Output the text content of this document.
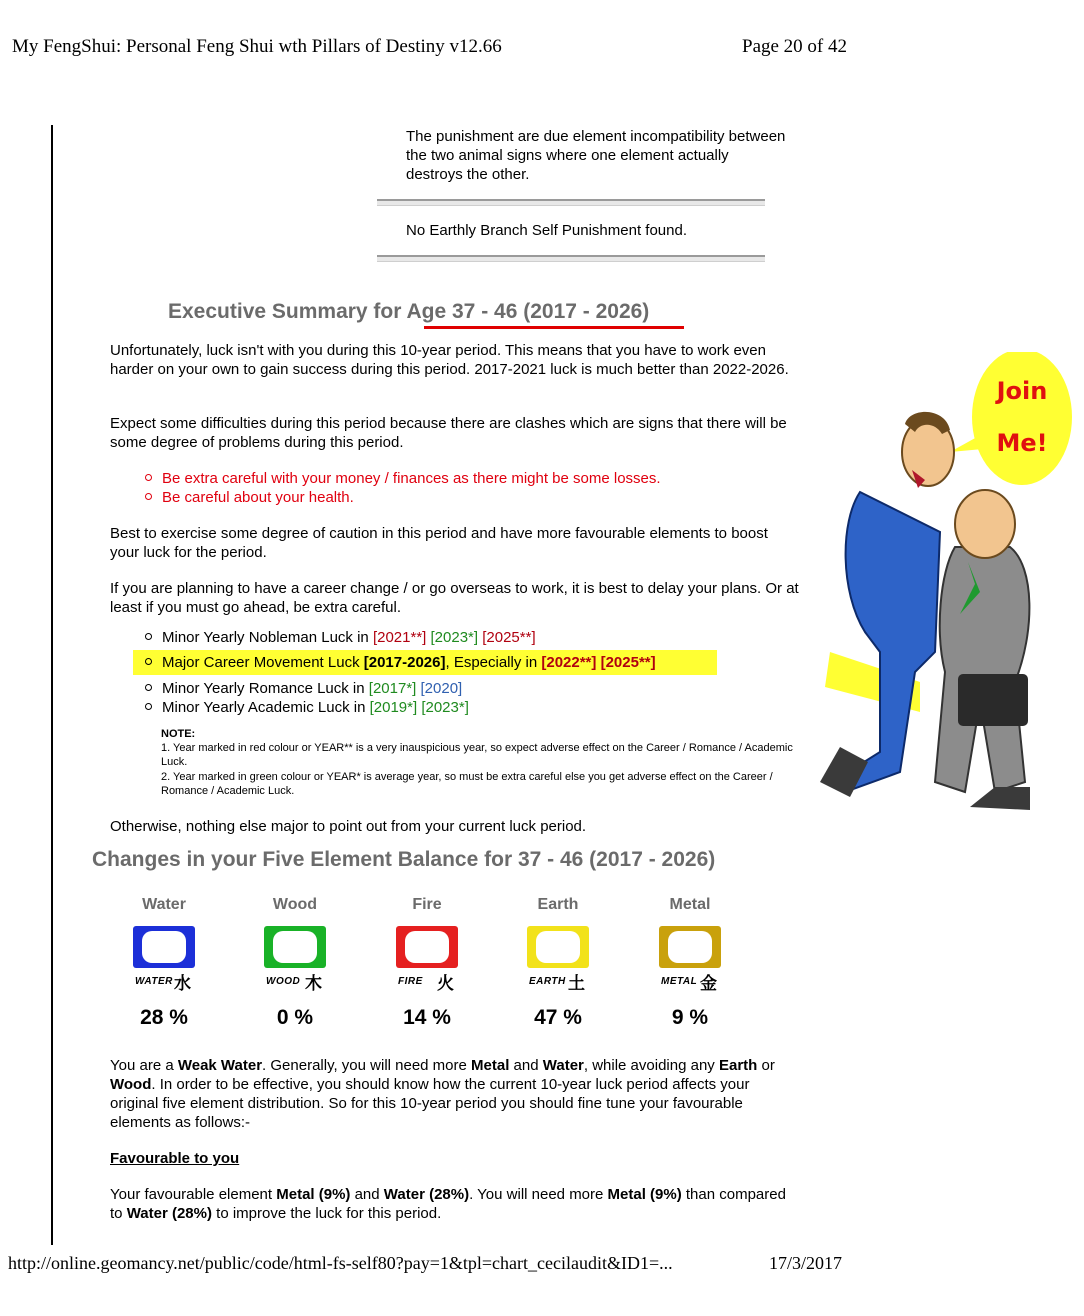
My FengShui: Personal Feng Shui wth Pillars of Destiny v12.66	Page 20 of 42
The punishment are due element incompatibility between the two animal signs where one element actually destroys the other.
No Earthly Branch Self Punishment found.
Executive Summary for Age 37 - 46 (2017 - 2026)
Unfortunately, luck isn't with you during this 10-year period. This means that you have to work even harder on your own to gain success during this period. 2017-2021 luck is much better than 2022-2026.
Expect some difficulties during this period because there are clashes which are signs that there will be some degree of problems during this period.
Be extra careful with your money / finances as there might be some losses.
Be careful about your health.
Best to exercise some degree of caution in this period and have more favourable elements to boost your luck for the period.
If you are planning to have a career change / or go overseas to work, it is best to delay your plans. Or at least if you must go ahead, be extra careful.
Minor Yearly Nobleman Luck in [2021**] [2023*] [2025**]
Major Career Movement Luck [2017-2026], Especially in [2022**] [2025**]
Minor Yearly Romance Luck in [2017*] [2020]
Minor Yearly Academic Luck in [2019*] [2023*]
NOTE:
1. Year marked in red colour or YEAR** is a very inauspicious year, so expect adverse effect on the Career / Romance / Academic Luck.
2. Year marked in green colour or YEAR* is average year, so must be extra careful else you get adverse effect on the Career / Romance / Academic Luck.
Otherwise, nothing else major to point out from your current luck period.
Join
Me!
Changes in your Five Element Balance for 37 - 46 (2017 - 2026)
Water
WATER 水
28 %
Wood
WOOD 木
0 %
Fire
FIRE 火
14 %
Earth
EARTH 土
47 %
Metal
METAL 金
9 %
You are a Weak Water. Generally, you will need more Metal and Water, while avoiding any Earth or Wood. In order to be effective, you should know how the current 10-year luck period affects your original five element distribution. So for this 10-year period you should fine tune your favourable elements as follows:-
Favourable to you
Your favourable element Metal (9%) and Water (28%). You will need more Metal (9%) than compared to Water (28%) to improve the luck for this period.
http://online.geomancy.net/public/code/html-fs-self80?pay=1&tpl=chart_cecilaudit&ID1=...	17/3/2017
